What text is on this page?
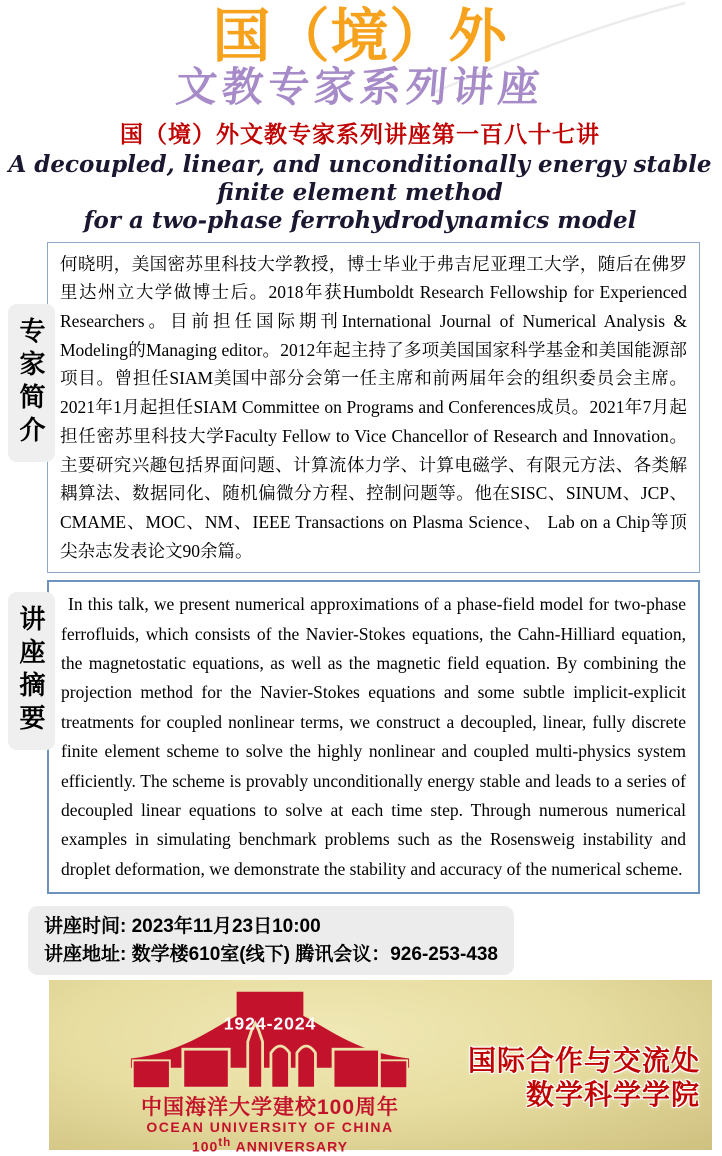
国（境）外
文教专家系列讲座
国（境）外文教专家系列讲座第一百八十七讲
A decoupled, linear, and unconditionally energy stable finite element method
for a two-phase ferrohydrodynamics model
专家简介
何晓明，美国密苏里科技大学教授，博士毕业于弗吉尼亚理工大学，随后在佛罗里达州立大学做博士后。2018年获Humboldt Research Fellowship for Experienced Researchers。目前担任国际期刊International Journal of Numerical Analysis & Modeling的Managing editor。2012年起主持了多项美国国家科学基金和美国能源部项目。曾担任SIAM美国中部分会第一任主席和前两届年会的组织委员会主席。2021年1月起担任SIAM Committee on Programs and Conferences成员。2021年7月起担任密苏里科技大学Faculty Fellow to Vice Chancellor of Research and Innovation。主要研究兴趣包括界面问题、计算流体力学、计算电磁学、有限元方法、各类解耦算法、数据同化、随机偏微分方程、控制问题等。他在SISC、SINUM、JCP、CMAME、MOC、NM、IEEE Transactions on Plasma Science、 Lab on a Chip等顶尖杂志发表论文90余篇。
讲座摘要
In this talk, we present numerical approximations of a phase-field model for two-phase ferrofluids, which consists of the Navier-Stokes equations, the Cahn-Hilliard equation, the magnetostatic equations, as well as the magnetic field equation. By combining the projection method for the Navier-Stokes equations and some subtle implicit-explicit treatments for coupled nonlinear terms, we construct a decoupled, linear, fully discrete finite element scheme to solve the highly nonlinear and coupled multi-physics system efficiently. The scheme is provably unconditionally energy stable and leads to a series of decoupled linear equations to solve at each time step. Through numerous numerical examples in simulating benchmark problems such as the Rosensweig instability and droplet deformation, we demonstrate the stability and accuracy of the numerical scheme.
讲座时间: 2023年11月23日10:00
讲座地址: 数学楼610室(线下) 腾讯会议：926-253-438
1924-2024
中国海洋大学建校100周年
OCEAN UNIVERSITY OF CHINA
100th ANNIVERSARY
国际合作与交流处
数学科学学院
